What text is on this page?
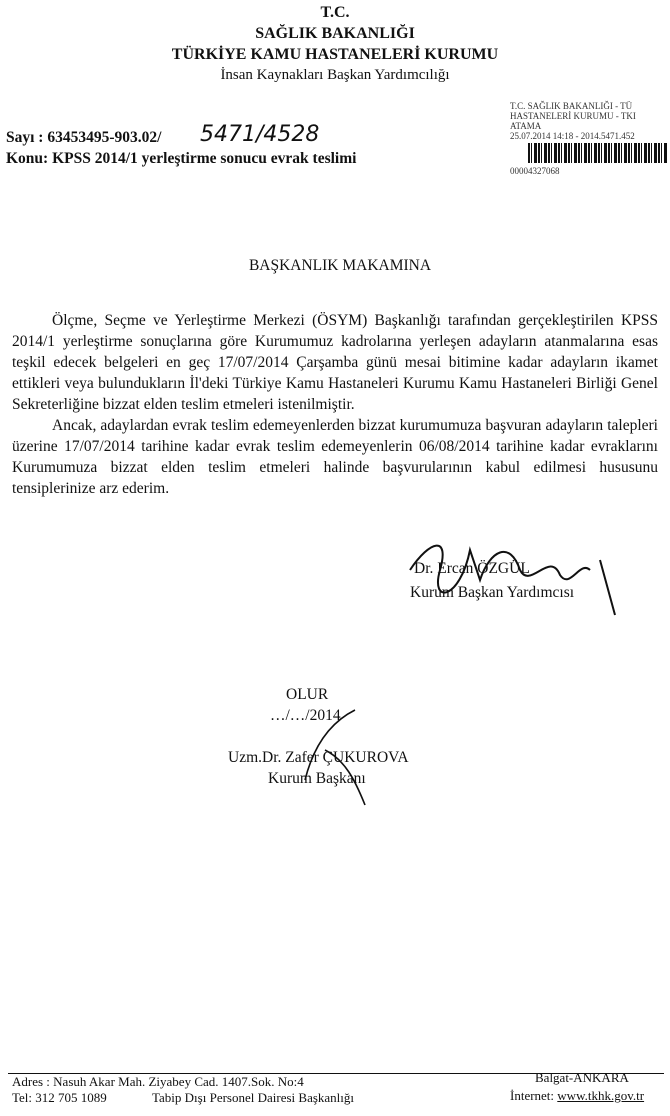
T.C.
SAĞLIK BAKANLIĞI
TÜRKİYE KAMU HASTANELERİ KURUMU
İnsan Kaynakları Başkan Yardımcılığı
T.C. SAĞLIK BAKANLIĞI - TÜ
HASTANELERİ KURUMU - TKI
ATAMA
25.07.2014 14:18 - 2014.5471.452
00004327068
Sayı : 63453495-903.02/ 5471/4528
Konu: KPSS 2014/1 yerleştirme sonucu evrak teslimi
BAŞKANLIK MAKAMINA

Ölçme, Seçme ve Yerleştirme Merkezi (ÖSYM) Başkanlığı tarafından gerçekleştirilen KPSS 2014/1 yerleştirme sonuçlarına göre Kurumumuz kadrolarına yerleşen adayların atanmalarına esas teşkil edecek belgeleri en geç 17/07/2014 Çarşamba günü mesai bitimine kadar adayların ikamet ettikleri veya bulundukların İl'deki Türkiye Kamu Hastaneleri Kurumu Kamu Hastaneleri Birliği Genel Sekreterliğine bizzat elden teslim etmeleri istenilmiştir.

Ancak, adaylardan evrak teslim edemeyenlerden bizzat kurumumuza başvuran adayların talepleri üzerine 17/07/2014 tarihine kadar evrak teslim edemeyenlerin 06/08/2014 tarihine kadar evraklarını Kurumumuza bizzat elden teslim etmeleri halinde başvurularının kabul edilmesi hususunu tensiplerinize arz ederim.

Dr. Ercan ÖZGÜL
Kurum Başkan Yardımcısı
OLUR
…/…/2014
Uzm.Dr. Zafer ÇUKUROVA
Kurum Başkanı
Adres : Nasuh Akar Mah. Ziyabey Cad. 1407.Sok. No:4	Balgat-ANKARA
Tel: 312 705 1089	Tabip Dışı Personel Dairesi Başkanlığı	İnternet: www.tkhk.gov.tr
